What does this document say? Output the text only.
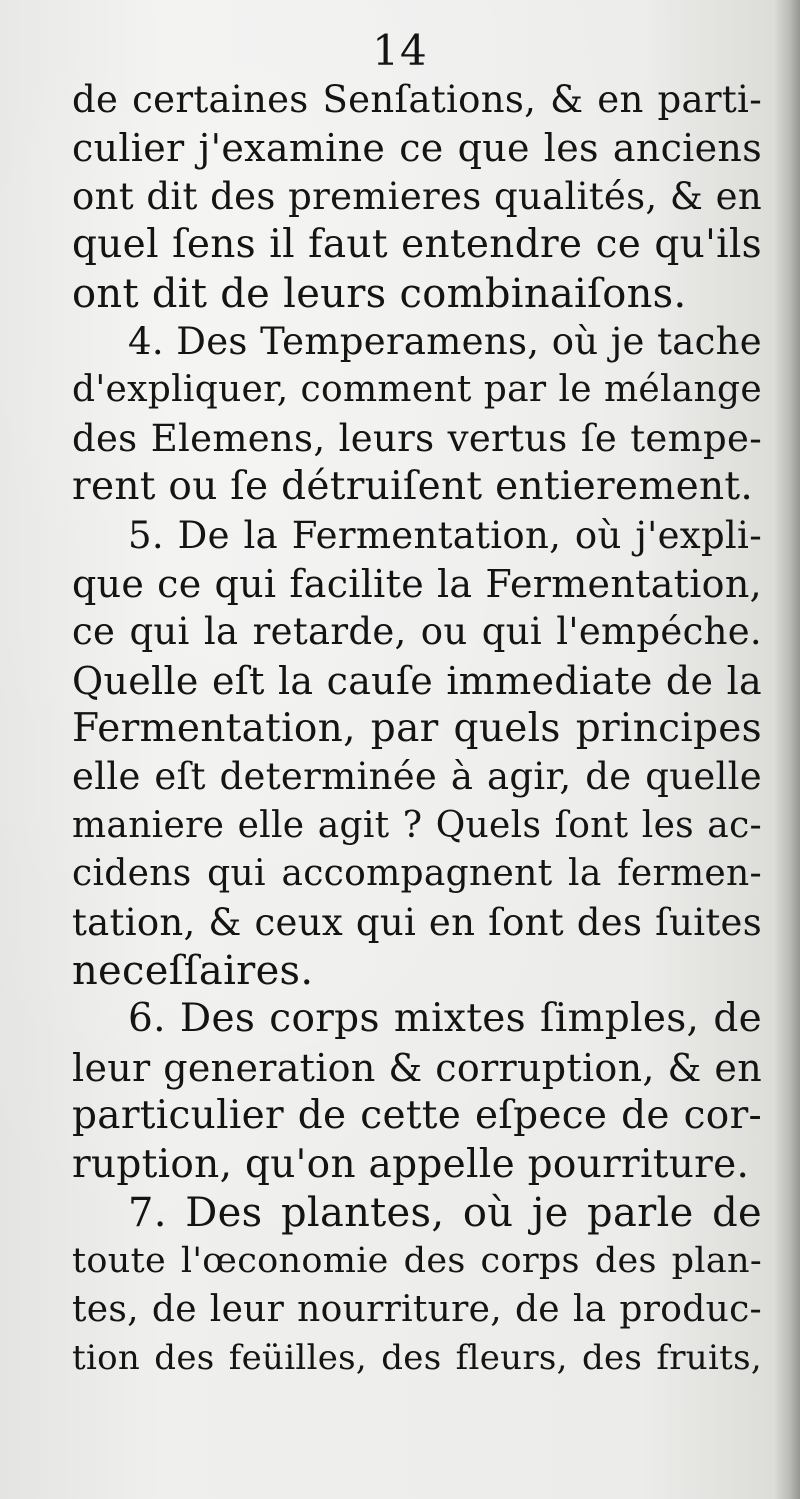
14
de certaines Senſations, & en parti-
culier j'examine ce que les anciens
ont dit des premieres qualités, & en
quel ſens il faut entendre ce qu'ils
ont dit de leurs combinaiſons.
4. Des Temperamens, où je tache
d'expliquer, comment par le mélange
des Elemens, leurs vertus ſe tempe-
rent ou ſe détruiſent entierement.
5. De la Fermentation, où j'expli-
que ce qui facilite la Fermentation,
ce qui la retarde, ou qui l'empéche.
Quelle eſt la cauſe immediate de la
Fermentation, par quels principes
elle eſt determinée à agir, de quelle
maniere elle agit ? Quels ſont les ac-
cidens qui accompagnent la fermen-
tation, & ceux qui en ſont des ſuites
neceſſaires.
6. Des corps mixtes ſimples, de
leur generation & corruption, & en
particulier de cette eſpece de cor-
ruption, qu'on appelle pourriture.
7. Des plantes, où je parle de
toute l'œconomie des corps des plan-
tes, de leur nourriture, de la produc-
tion des feüilles, des fleurs, des fruits,
